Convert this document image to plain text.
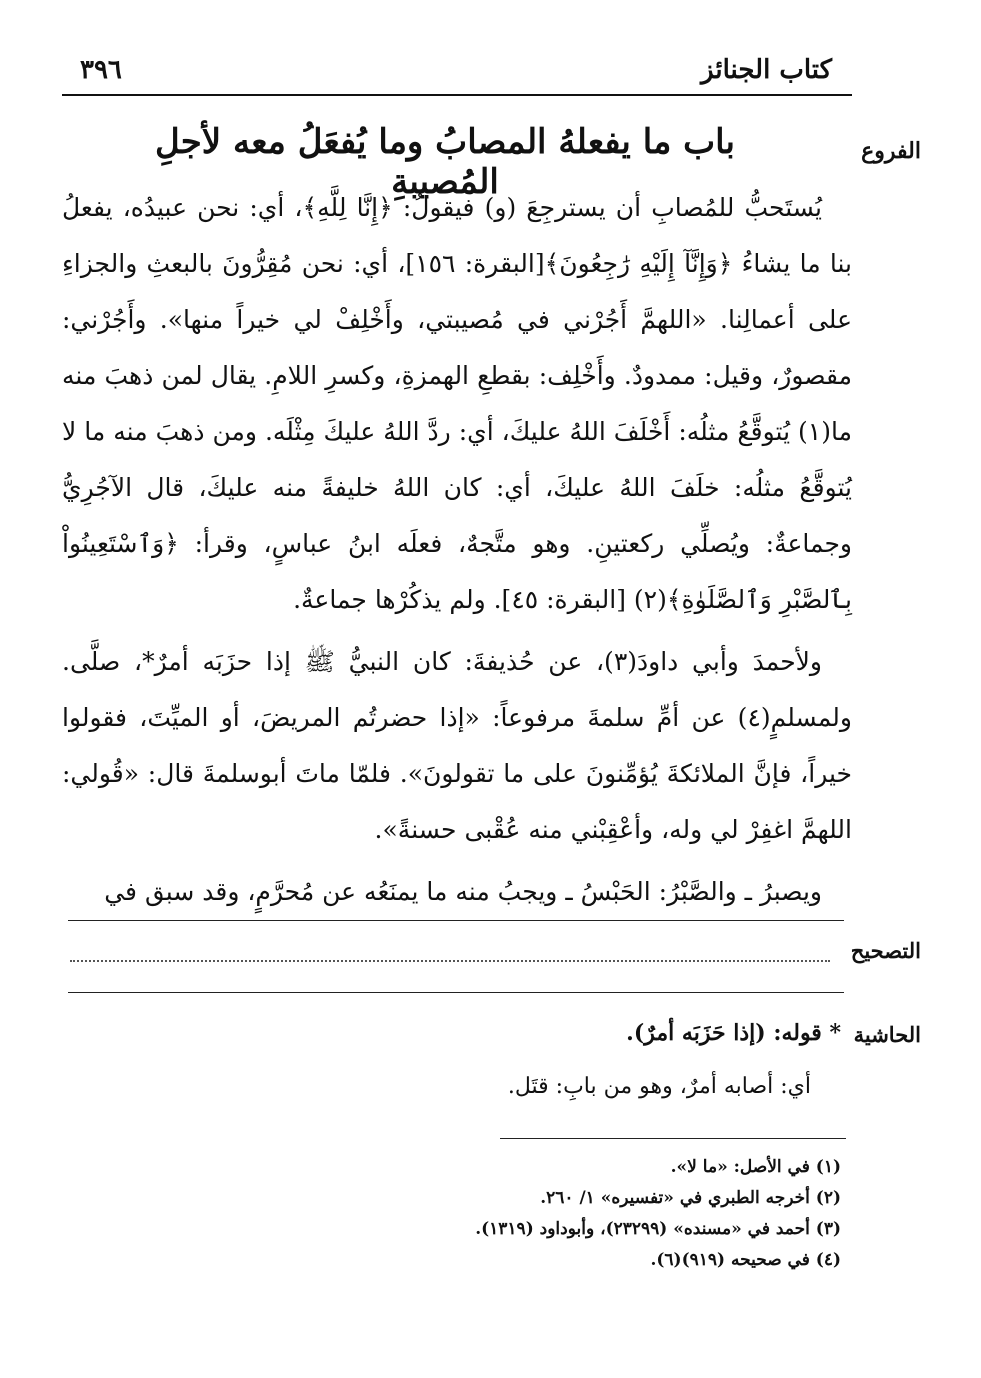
٣٩٦	كتاب الجنائز
الفروع
باب ما يفعلهُ المصابُ وما يُفعَلُ معه لأجلِ المُصيبةِ

يُستَحبُّ للمُصابِ أن يسترجِعَ (و) فيقولُ: ﴿إِنَّا لِلَّهِ﴾، أي: نحن عبيدُه، يفعلُ بنا ما يشاءُ ﴿وَإِنَّآ إِلَيْهِ رَٰجِعُونَ﴾[البقرة: ١٥٦]، أي: نحن مُقِرُّونَ بالبعثِ والجزاءِ على أعمالِنا. «اللهمَّ أَجُرْني في مُصيبتي، وأَخْلِفْ لي خيراً منها». وأَجُرْني: مقصورٌ، وقيل: ممدودٌ. وأَخْلِف: بقطعِ الهمزةِ، وكسرِ اللامِ. يقال لمن ذهبَ منه ما(١) يُتوقَّعُ مثلُه: أَخْلَفَ اللهُ عليكَ، أي: ردَّ اللهُ عليكَ مِثْلَه. ومن ذهبَ منه ما لا يُتوقَّعُ مثلُه: خلَفَ اللهُ عليكَ، أي: كان اللهُ خليفةً منه عليكَ، قال الآجُرِيُّ وجماعةٌ: ويُصلِّي ركعتينِ. وهو متَّجهٌ، فعلَه ابنُ عباسٍ، وقرأ: ﴿وَٱسْتَعِينُواْ بِٱلصَّبْرِ وَٱلصَّلَوٰةِ﴾(٢) [البقرة: ٤٥]. ولم يذكُرْها جماعةٌ.

ولأحمدَ وأبي داودَ(٣)، عن حُذيفةَ: كان النبيُّ ﷺ إذا حزَبَه أمرٌ*، صلَّى. ولمسلمٍ(٤) عن أمِّ سلمةَ مرفوعاً: «إذا حضرتُم المريضَ، أو الميِّتَ، فقولوا خيراً، فإنَّ الملائكةَ يُؤمِّنونَ على ما تقولونَ». فلمّا ماتَ أبوسلمةَ قال: «قُولي: اللهمَّ اغفِرْ لي وله، وأعْقِبْني منه عُقْبى حسنةً».

ويصبرُ ـ والصَّبْرُ: الحَبْسُ ـ ويجبُ منه ما يمنَعُه عن مُحرَّمٍ، وقد سبق في

التصحيح
الحاشية
* قوله: (إذا حَزَبَه أمرٌ).
أي: أصابه أمرٌ، وهو من بابِ: قتَل.

(١) في الأصل: «ما لا».

(٢) أخرجه الطبري في «تفسيره» ١/ ٢٦٠.

(٣) أحمد في «مسنده» (٢٣٢٩٩)، وأبوداود (١٣١٩).

(٤) في صحيحه (٩١٩)(٦).
